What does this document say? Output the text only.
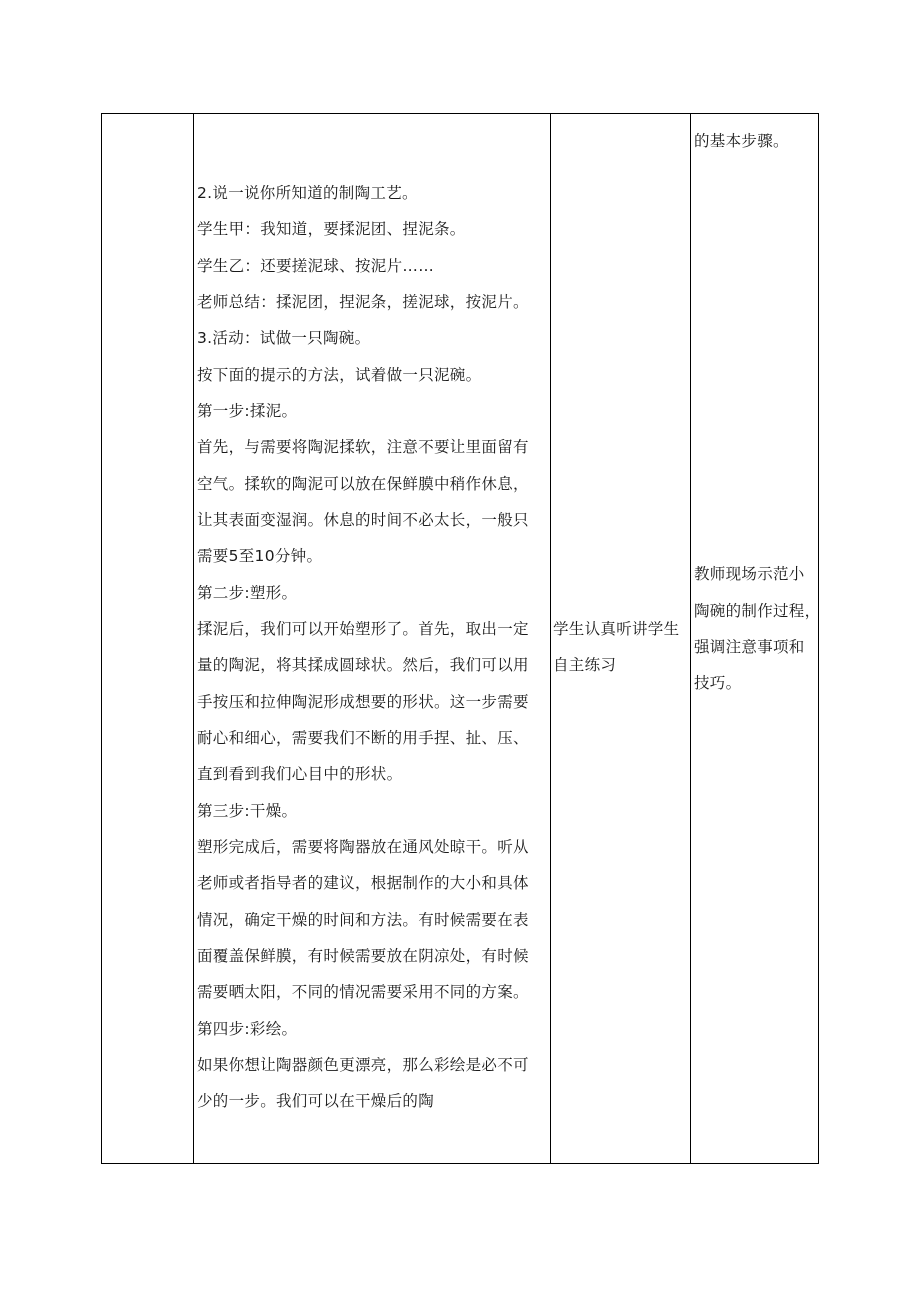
2.说一说你所知道的制陶工艺。
学生甲：我知道，要揉泥团、捏泥条。
学生乙：还要搓泥球、按泥片……
老师总结：揉泥团，捏泥条，搓泥球，按泥片。
3.活动：试做一只陶碗。
按下面的提示的方法，试着做一只泥碗。
第一步:揉泥。
首先，与需要将陶泥揉软，注意不要让里面留有
空气。揉软的陶泥可以放在保鲜膜中稍作休息，
让其表面变湿润。休息的时间不必太长，一般只
需要5至10分钟。
第二步:塑形。
揉泥后，我们可以开始塑形了。首先，取出一定
量的陶泥，将其揉成圆球状。然后，我们可以用
手按压和拉伸陶泥形成想要的形状。这一步需要
耐心和细心，需要我们不断的用手捏、扯、压、
直到看到我们心目中的形状。
第三步:干燥。
塑形完成后，需要将陶器放在通风处晾干。听从
老师或者指导者的建议，根据制作的大小和具体
情况，确定干燥的时间和方法。有时候需要在表
面覆盖保鲜膜，有时候需要放在阴凉处，有时候
需要晒太阳，不同的情况需要采用不同的方案。
第四步:彩绘。
如果你想让陶器颜色更漂亮，那么彩绘是必不可
少的一步。我们可以在干燥后的陶
学生认真听讲学生
自主练习
的基本步骤。
教师现场示范小
陶碗的制作过程，
强调注意事项和
技巧。
